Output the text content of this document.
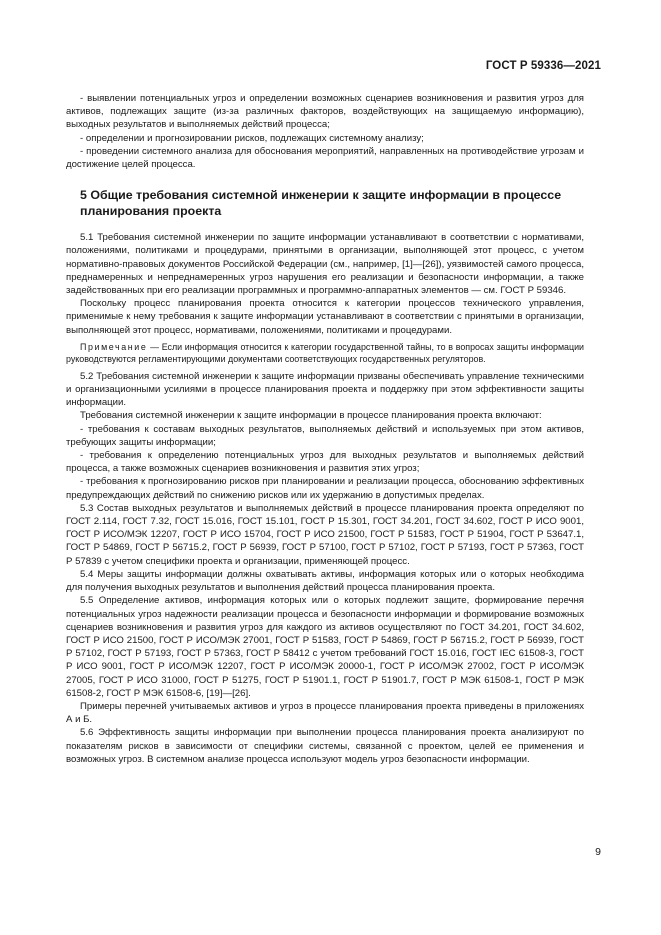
ГОСТ Р 59336—2021

- выявлении потенциальных угроз и определении возможных сценариев возникновения и развития угроз для активов, подлежащих защите (из-за различных факторов, воздействующих на защищаемую информацию), выходных результатов и выполняемых действий процесса;

- определении и прогнозировании рисков, подлежащих системному анализу;

- проведении системного анализа для обоснования мероприятий, направленных на противодействие угрозам и достижение целей процесса.

5 Общие требования системной инженерии к защите информации в процессе планирования проекта

5.1 Требования системной инженерии по защите информации устанавливают в соответствии с нормативами, положениями, политиками и процедурами, принятыми в организации, выполняющей этот процесс, с учетом нормативно-правовых документов Российской Федерации (см., например, [1]—[26]), уязвимостей самого процесса, преднамеренных и непреднамеренных угроз нарушения его реализации и безопасности информации, а также задействованных при его реализации программных и программно-аппаратных элементов — см. ГОСТ Р 59346.

Поскольку процесс планирования проекта относится к категории процессов технического управления, применимые к нему требования к защите информации устанавливают в соответствии с принятыми в организации, выполняющей этот процесс, нормативами, положениями, политиками и процедурами.

Примечание — Если информация относится к категории государственной тайны, то в вопросах защиты информации руководствуются регламентирующими документами соответствующих государственных регуляторов.

5.2 Требования системной инженерии к защите информации призваны обеспечивать управление техническими и организационными усилиями в процессе планирования проекта и поддержку при этом эффективности защиты информации.

Требования системной инженерии к защите информации в процессе планирования проекта включают:

- требования к составам выходных результатов, выполняемых действий и используемых при этом активов, требующих защиты информации;

- требования к определению потенциальных угроз для выходных результатов и выполняемых действий процесса, а также возможных сценариев возникновения и развития этих угроз;

- требования к прогнозированию рисков при планировании и реализации процесса, обоснованию эффективных предупреждающих действий по снижению рисков или их удержанию в допустимых пределах.

5.3 Состав выходных результатов и выполняемых действий в процессе планирования проекта определяют по ГОСТ 2.114, ГОСТ 7.32, ГОСТ 15.016, ГОСТ 15.101, ГОСТ Р 15.301, ГОСТ 34.201, ГОСТ 34.602, ГОСТ Р ИСО 9001, ГОСТ Р ИСО/МЭК 12207, ГОСТ Р ИСО 15704, ГОСТ Р ИСО 21500, ГОСТ Р 51583, ГОСТ Р 51904, ГОСТ Р 53647.1, ГОСТ Р 54869, ГОСТ Р 56715.2, ГОСТ Р 56939, ГОСТ Р 57100, ГОСТ Р 57102, ГОСТ Р 57193, ГОСТ Р 57363, ГОСТ Р 57839 с учетом специфики проекта и организации, применяющей процесс.

5.4 Меры защиты информации должны охватывать активы, информация которых или о которых необходима для получения выходных результатов и выполнения действий процесса планирования проекта.

5.5 Определение активов, информация которых или о которых подлежит защите, формирование перечня потенциальных угроз надежности реализации процесса и безопасности информации и формирование возможных сценариев возникновения и развития угроз для каждого из активов осуществляют по ГОСТ 34.201, ГОСТ 34.602, ГОСТ Р ИСО 21500, ГОСТ Р ИСО/МЭК 27001, ГОСТ Р 51583, ГОСТ Р 54869, ГОСТ Р 56715.2, ГОСТ Р 56939, ГОСТ Р 57102, ГОСТ Р 57193, ГОСТ Р 57363, ГОСТ Р 58412 с учетом требований ГОСТ 15.016, ГОСТ IEC 61508-3, ГОСТ Р ИСО 9001, ГОСТ Р ИСО/МЭК 12207, ГОСТ Р ИСО/МЭК 20000-1, ГОСТ Р ИСО/МЭК 27002, ГОСТ Р ИСО/МЭК 27005, ГОСТ Р ИСО 31000, ГОСТ Р 51275, ГОСТ Р 51901.1, ГОСТ Р 51901.7, ГОСТ Р МЭК 61508-1, ГОСТ Р МЭК 61508-2, ГОСТ Р МЭК 61508-6, [19]—[26].

Примеры перечней учитываемых активов и угроз в процессе планирования проекта приведены в приложениях А и Б.

5.6 Эффективность защиты информации при выполнении процесса планирования проекта анализируют по показателям рисков в зависимости от специфики системы, связанной с проектом, целей ее применения и возможных угроз. В системном анализе процесса используют модель угроз безопасности информации.

9
